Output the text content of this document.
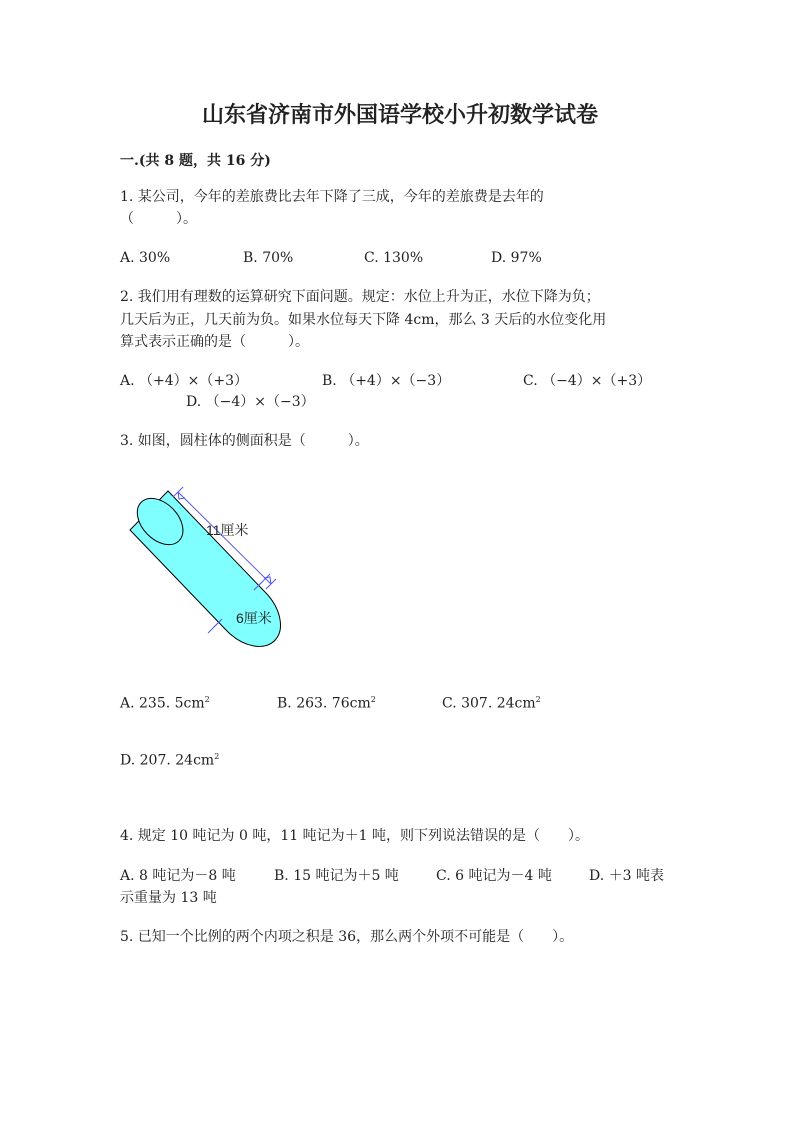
山东省济南市外国语学校小升初数学试卷
一.(共 8 题，共 16 分)
1. 某公司，今年的差旅费比去年下降了三成，今年的差旅费是去年的
（　　　）。
A. 30%	B. 70%	C. 130%	D. 97%
2. 我们用有理数的运算研究下面问题。规定：水位上升为正，水位下降为负；
几天后为正，几天前为负。如果水位每天下降 4cm，那么 3 天后的水位变化用
算式表示正确的是（　　　）。
A. （+4）×（+3）	B. （+4）×（−3）	C. （−4）×（+3）
D. （−4）×（−3）
3. 如图，圆柱体的侧面积是（　　　）。
11厘米
6厘米
A. 235. $5cm^2$	B. 263. $76cm^2$	C. 307. $24cm^2$
D. 207. $24cm^2$
4. 规定 10 吨记为 0 吨，11 吨记为＋1 吨，则下列说法错误的是（　　）。
A. 8 吨记为－8 吨	B. 15 吨记为＋5 吨	C. 6 吨记为－4 吨	D. ＋3 吨表
示重量为 13 吨
5. 已知一个比例的两个内项之积是 36，那么两个外项不可能是（　　）。
